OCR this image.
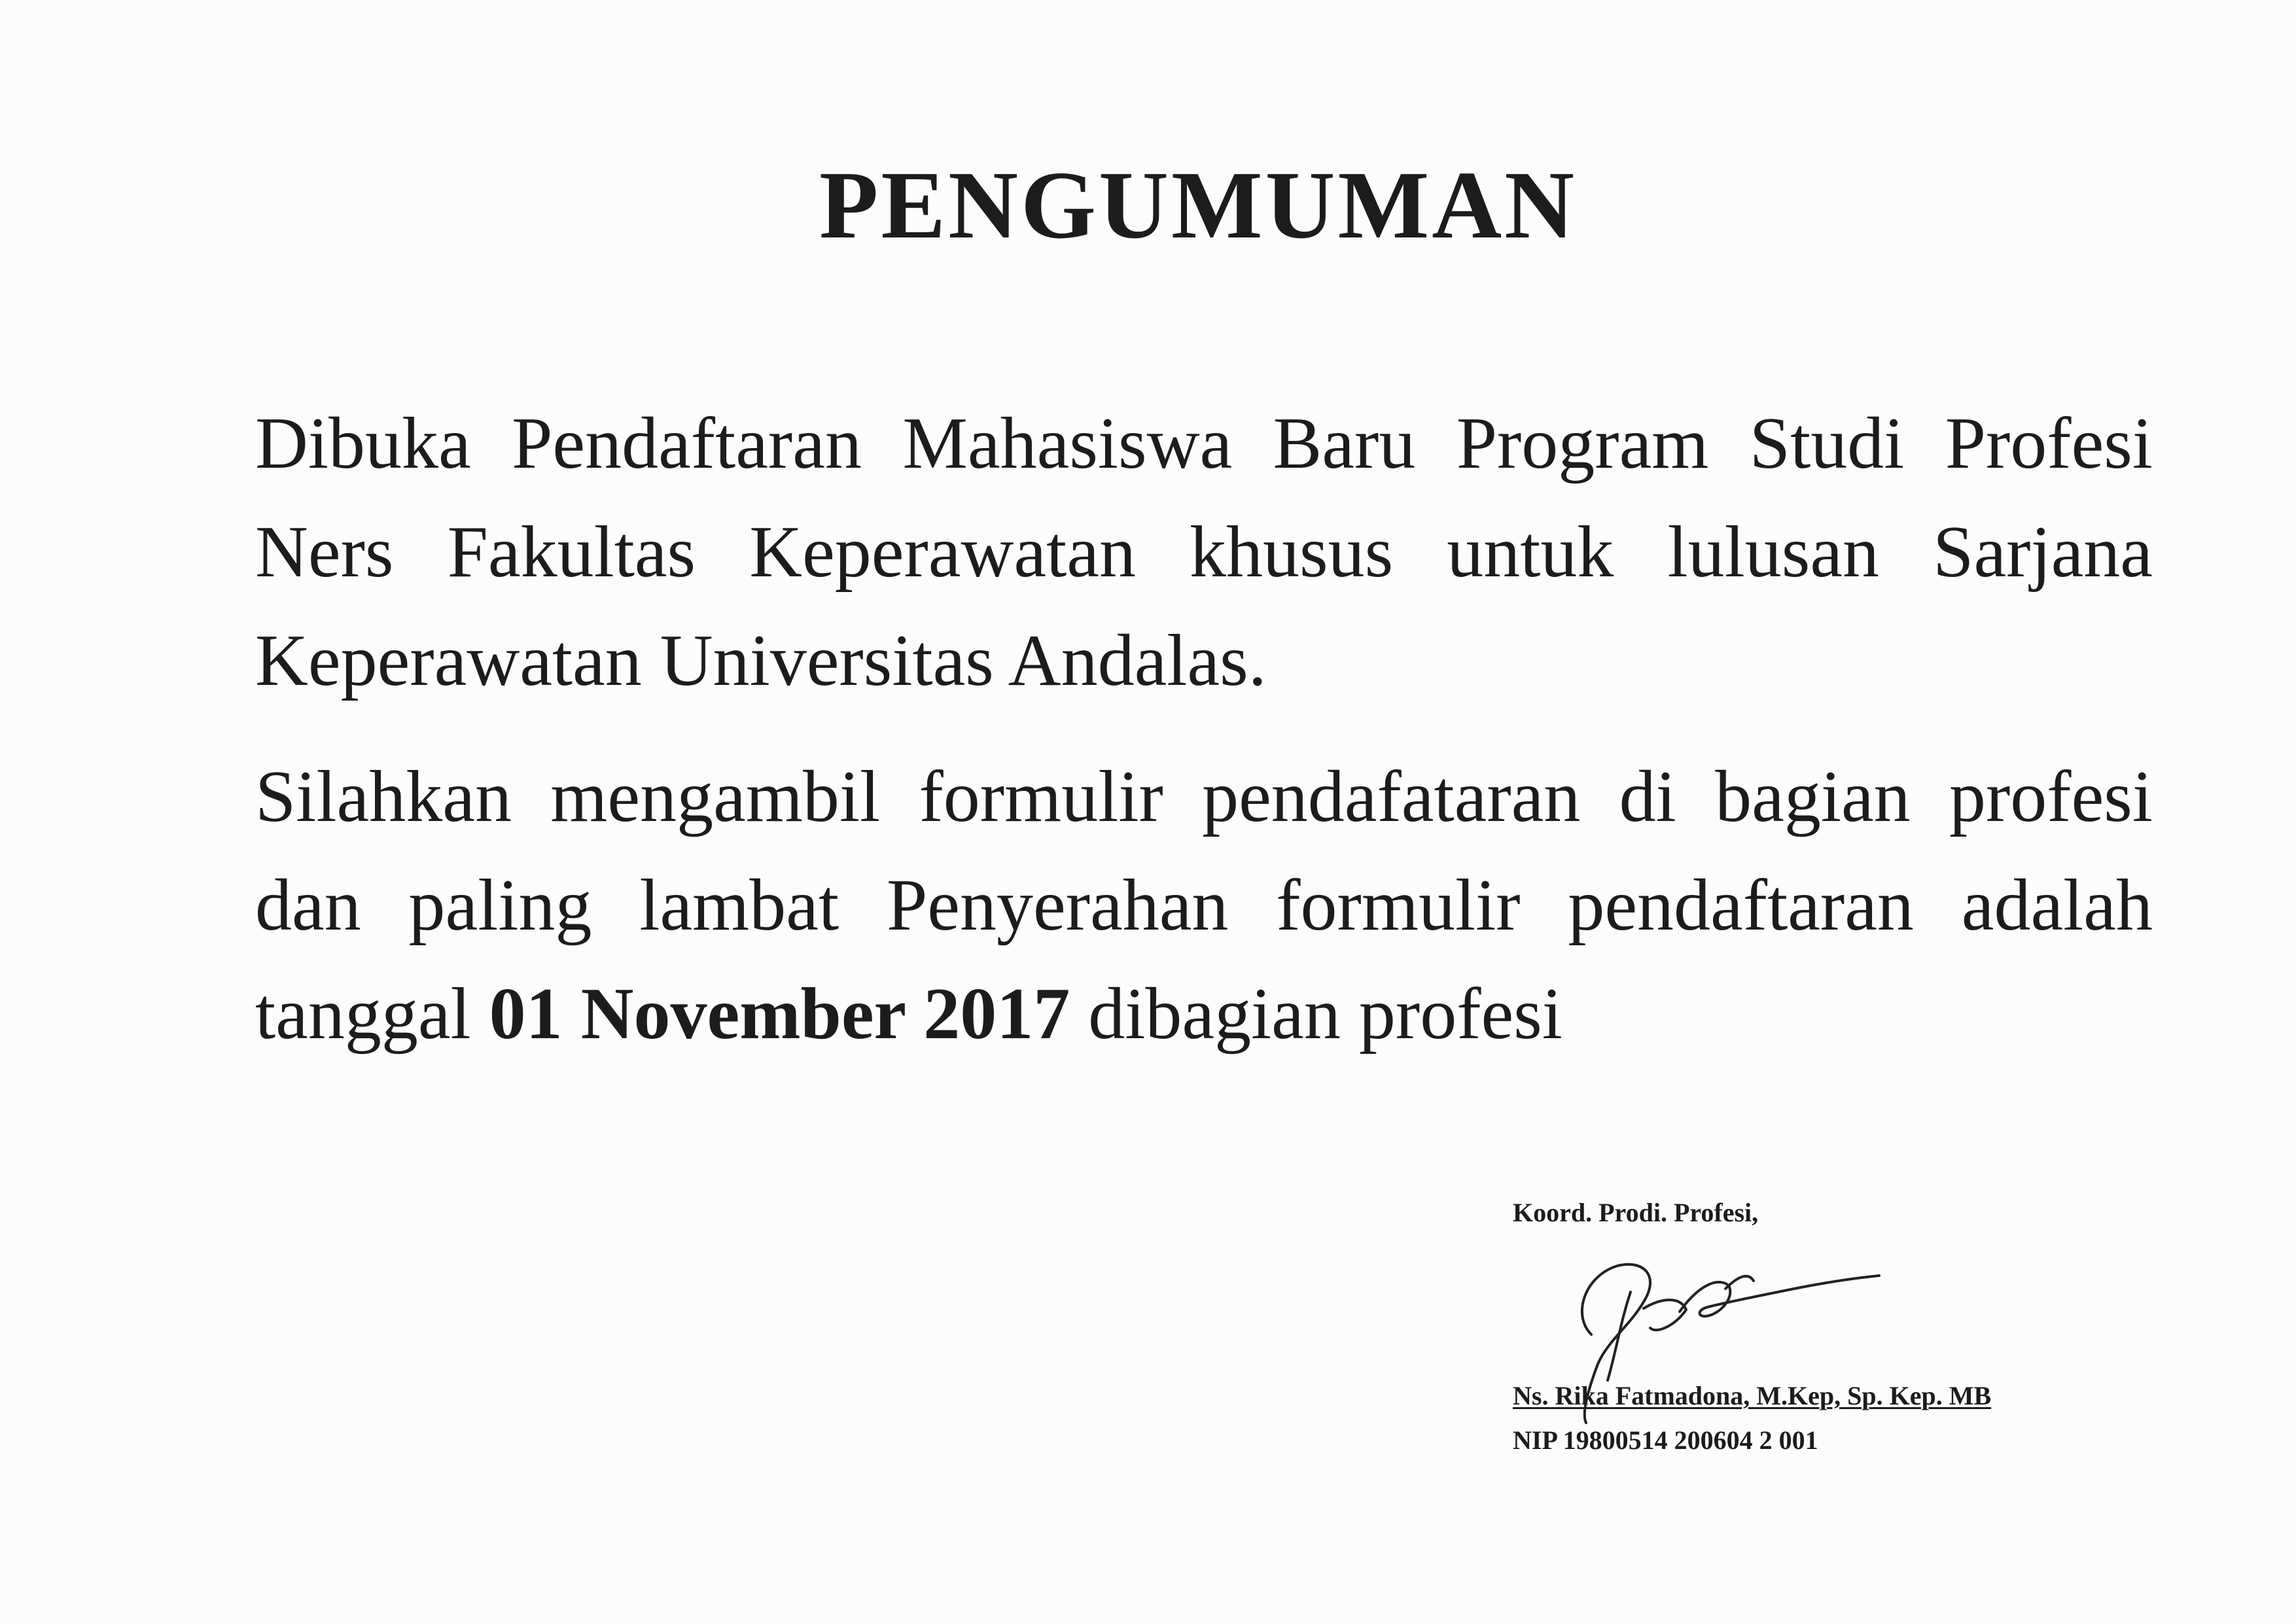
PENGUMUMAN

Dibuka Pendaftaran Mahasiswa Baru Program Studi Profesi Ners Fakultas Keperawatan khusus untuk lulusan Sarjana Keperawatan Universitas Andalas.

Silahkan mengambil formulir pendafataran di bagian profesi dan paling lambat Penyerahan formulir pendaftaran adalah tanggal 01 November 2017 dibagian profesi

Koord. Prodi. Profesi,
Ns. Rika Fatmadona, M.Kep, Sp. Kep. MB
NIP 19800514 200604 2 001
